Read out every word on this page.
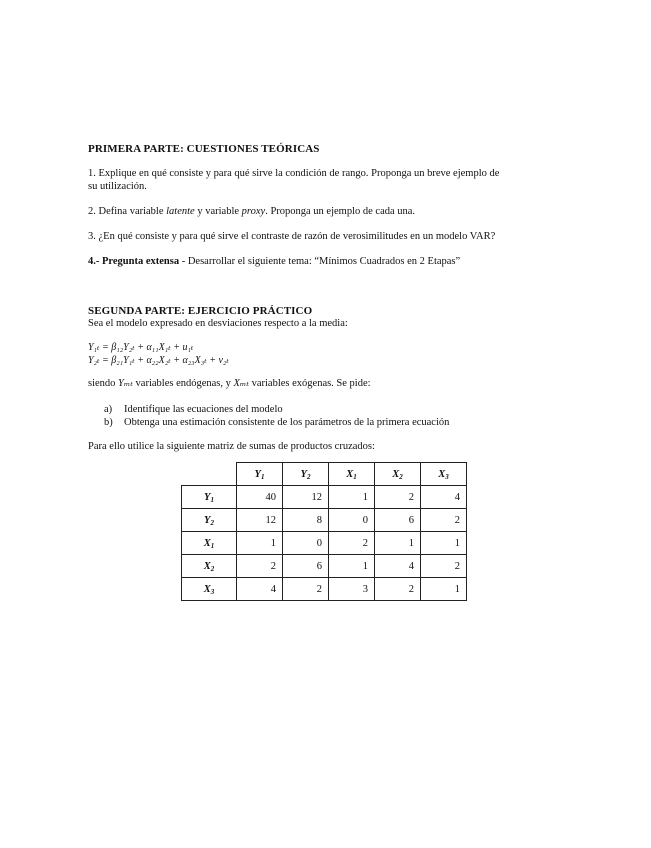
PRIMERA PARTE: CUESTIONES TEÓRICAS
1. Explique en qué consiste y para qué sirve la condición de rango. Proponga un breve ejemplo de
su utilización.
2. Defina variable latente y variable proxy. Proponga un ejemplo de cada una.
3. ¿En qué consiste y para qué sirve el contraste de razón de verosimilitudes en un modelo VAR?
4.- Pregunta extensa - Desarrollar el siguiente tema: “Mínimos Cuadrados en 2 Etapas”
SEGUNDA PARTE: EJERCICIO PRÁCTICO
Sea el modelo expresado en desviaciones respecto a la media:
Y₁ₜ = β₁₂Y₂ₜ + α₁₁X₁ₜ + u₁ₜ
Y₂ₜ = β₂₁Y₁ₜ + α₂₂X₂ₜ + α₂₃X₃ₜ + v₂ₜ
siendo Yₘₜ variables endógenas, y Xₘₜ variables exógenas. Se pide:
a) Identifique las ecuaciones del modelo
b) Obtenga una estimación consistente de los parámetros de la primera ecuación
Para ello utilice la siguiente matriz de sumas de productos cruzados:
	$Y_1$	$Y_2$	$X_1$	$X_2$	$X_3$
$Y_1$	40	12	1	2	4
$Y_2$	12	8	0	6	2
$X_1$	1	0	2	1	1
$X_2$	2	6	1	4	2
$X_3$	4	2	3	2	1
